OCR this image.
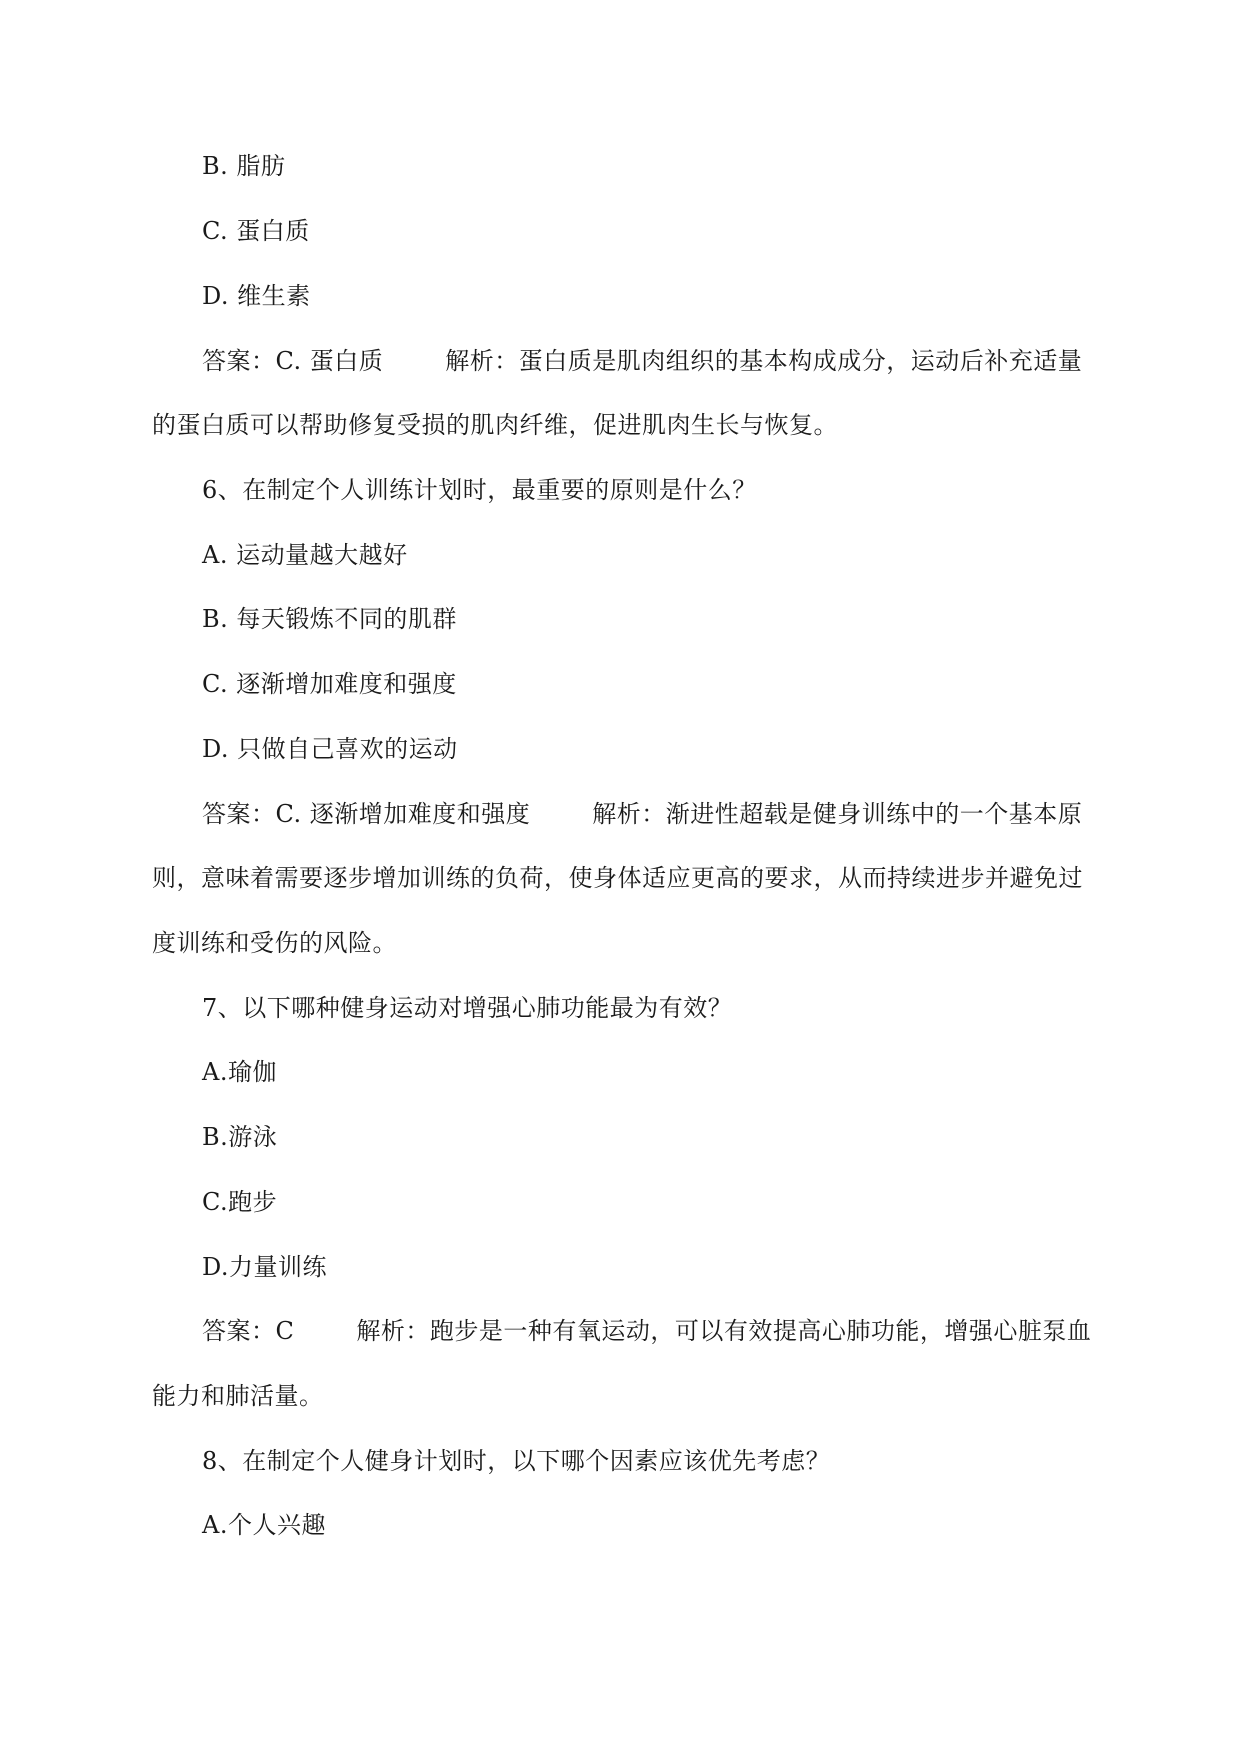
B. 脂肪
C. 蛋白质
D. 维生素
答案：C. 蛋白质	解析：蛋白质是肌肉组织的基本构成成分，运动后补充适量
的蛋白质可以帮助修复受损的肌肉纤维，促进肌肉生长与恢复。
6、在制定个人训练计划时，最重要的原则是什么？
A. 运动量越大越好
B. 每天锻炼不同的肌群
C. 逐渐增加难度和强度
D. 只做自己喜欢的运动
答案：C. 逐渐增加难度和强度	解析：渐进性超载是健身训练中的一个基本原
则，意味着需要逐步增加训练的负荷，使身体适应更高的要求，从而持续进步并避免过
度训练和受伤的风险。
7、以下哪种健身运动对增强心肺功能最为有效？
A.瑜伽
B.游泳
C.跑步
D.力量训练
答案：C	解析：跑步是一种有氧运动，可以有效提高心肺功能，增强心脏泵血
能力和肺活量。
8、在制定个人健身计划时，以下哪个因素应该优先考虑？
A.个人兴趣
